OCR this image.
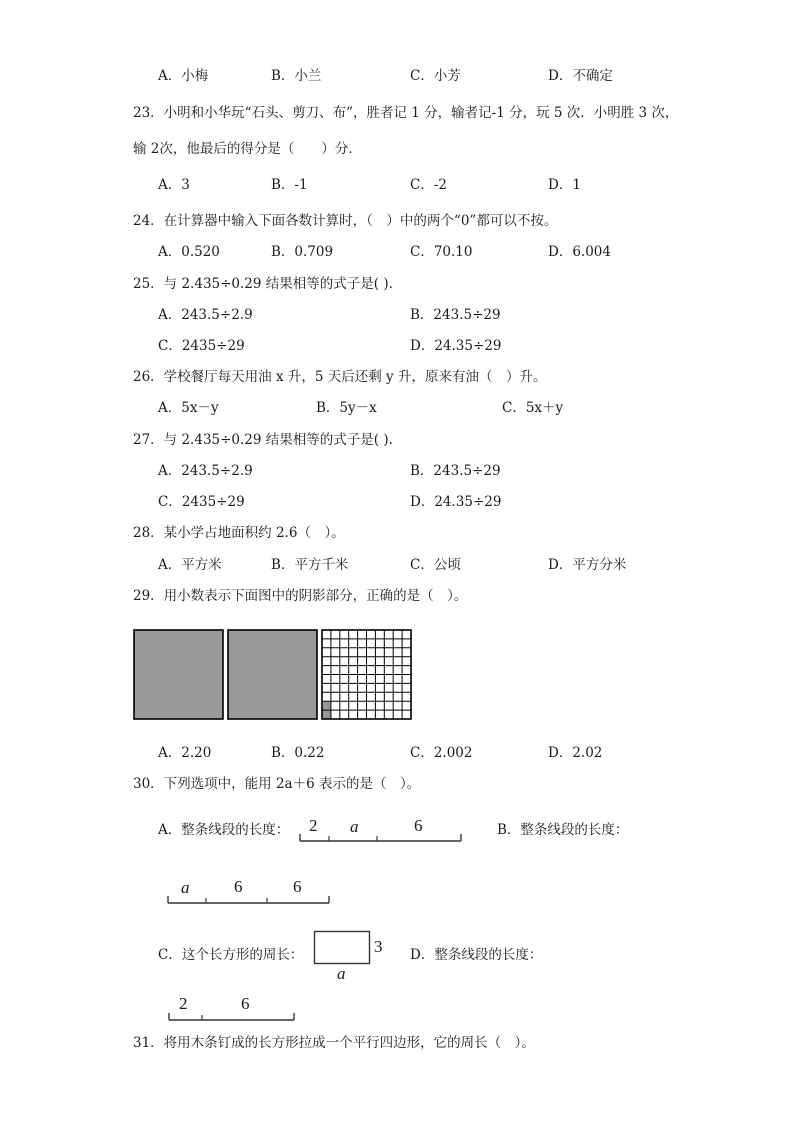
A．小梅	B．小兰	C．小芳	D．不确定
23．小明和小华玩“石头、剪刀、布”，胜者记 1 分，输者记-1 分，玩 5 次．小明胜 3 次，
输 2次，他最后的得分是（　　）分．
A．3	B．-1	C．-2	D．1
24．在计算器中输入下面各数计算时，（　）中的两个“0”都可以不按。
A．0.520	B．0.709	C．70.10	D．6.004
25．与 2.435÷0.29 结果相等的式子是( ).
A．243.5÷2.9	B．243.5÷29
C．2435÷29	D．24.35÷29
26．学校餐厅每天用油 x 升，5 天后还剩 y 升，原来有油（　）升。
A．5x－y	B．5y－x	C．5x＋y
27．与 2.435÷0.29 结果相等的式子是( ).
A．243.5÷2.9	B．243.5÷29
C．2435÷29	D．24.35÷29
28．某小学占地面积约 2.6（　）。
A．平方米	B．平方千米	C．公顷	D．平方分米
29．用小数表示下面图中的阴影部分，正确的是（　）。
A．2.20	B．0.22	C．2.002	D．2.02
30．下列选项中，能用 2a＋6 表示的是（　）。
A．整条线段的长度： 2 a	6	B．整条线段的长度：
a	6	6
C．这个长方形的周长：	3
a
D．整条线段的长度：
2	6
31．将用木条钉成的长方形拉成一个平行四边形，它的周长（　）。
